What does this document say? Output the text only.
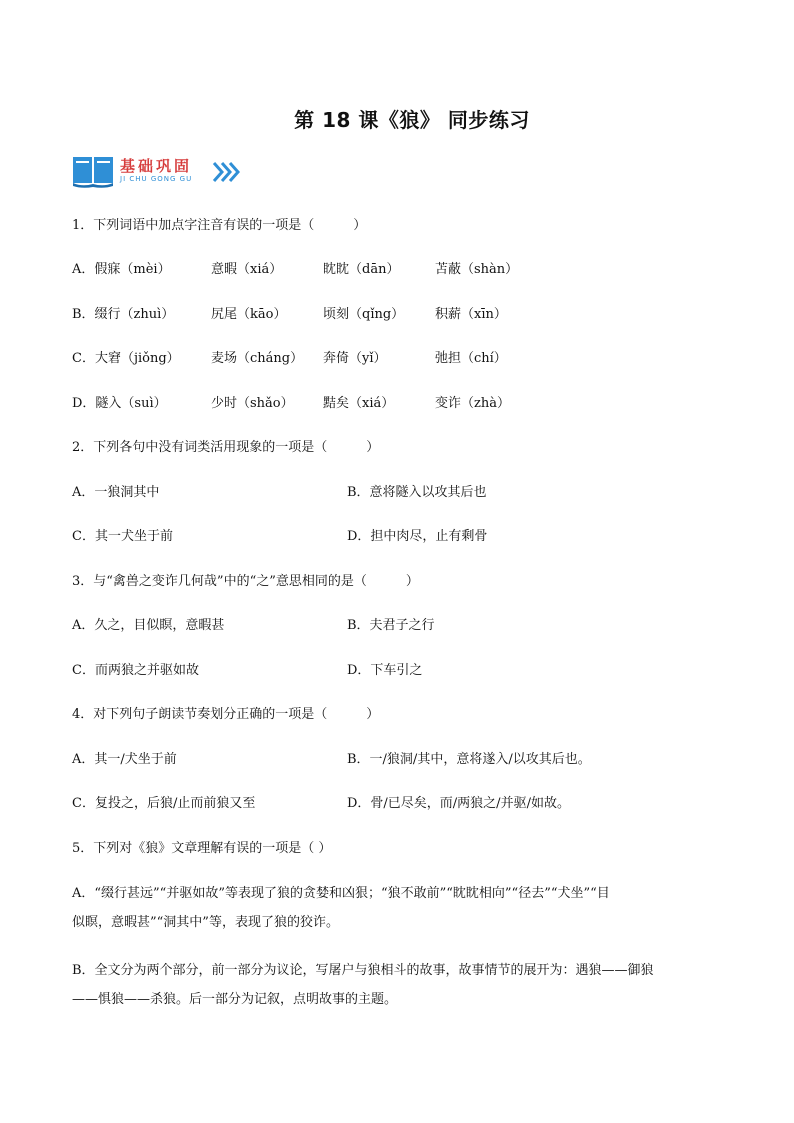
第 18 课《狼》 同步练习
基础巩固
JI CHU GONG GU
1．下列词语中加点字注音有误的一项是（　　　）
A．假寐（mèi）	意暇（xiá）	眈眈（dān）	苫蔽（shàn）
B．缀行（zhuì）	尻尾（kāo）	顷刻（qǐng） 积薪（xīn）
C．大窘（jiǒng） 麦场（cháng） 奔倚（yǐ）	弛担（chí）
D．隧入（suì）	少时（shǎo） 黠矣（xiá）	变诈（zhà）
2．下列各句中没有词类活用现象的一项是（　　　）
A．一狼洞其中	B．意将隧入以攻其后也
C．其一犬坐于前	D．担中肉尽，止有剩骨
3．与“禽兽之变诈几何哉”中的“之”意思相同的是（　　　）
A．久之，目似瞑，意暇甚	B．夫君子之行
C．而两狼之并驱如故	D．下车引之
4．对下列句子朗读节奏划分正确的一项是（　　　）
A．其一/犬坐于前	B．一/狼洞/其中，意将遂入/以攻其后也。
C．复投之，后狼/止而前狼又至	D．骨/已尽矣，而/两狼之/并驱/如故。
5．下列对《狼》文章理解有误的一项是（ ）
A．“缀行甚远”“并驱如故”等表现了狼的贪婪和凶狠；“狼不敢前”“眈眈相向”“径去”“犬坐”“目
似瞑，意暇甚”“洞其中”等，表现了狼的狡诈。
B．全文分为两个部分，前一部分为议论，写屠户与狼相斗的故事，故事情节的展开为：遇狼——御狼
——惧狼——杀狼。后一部分为记叙，点明故事的主题。
